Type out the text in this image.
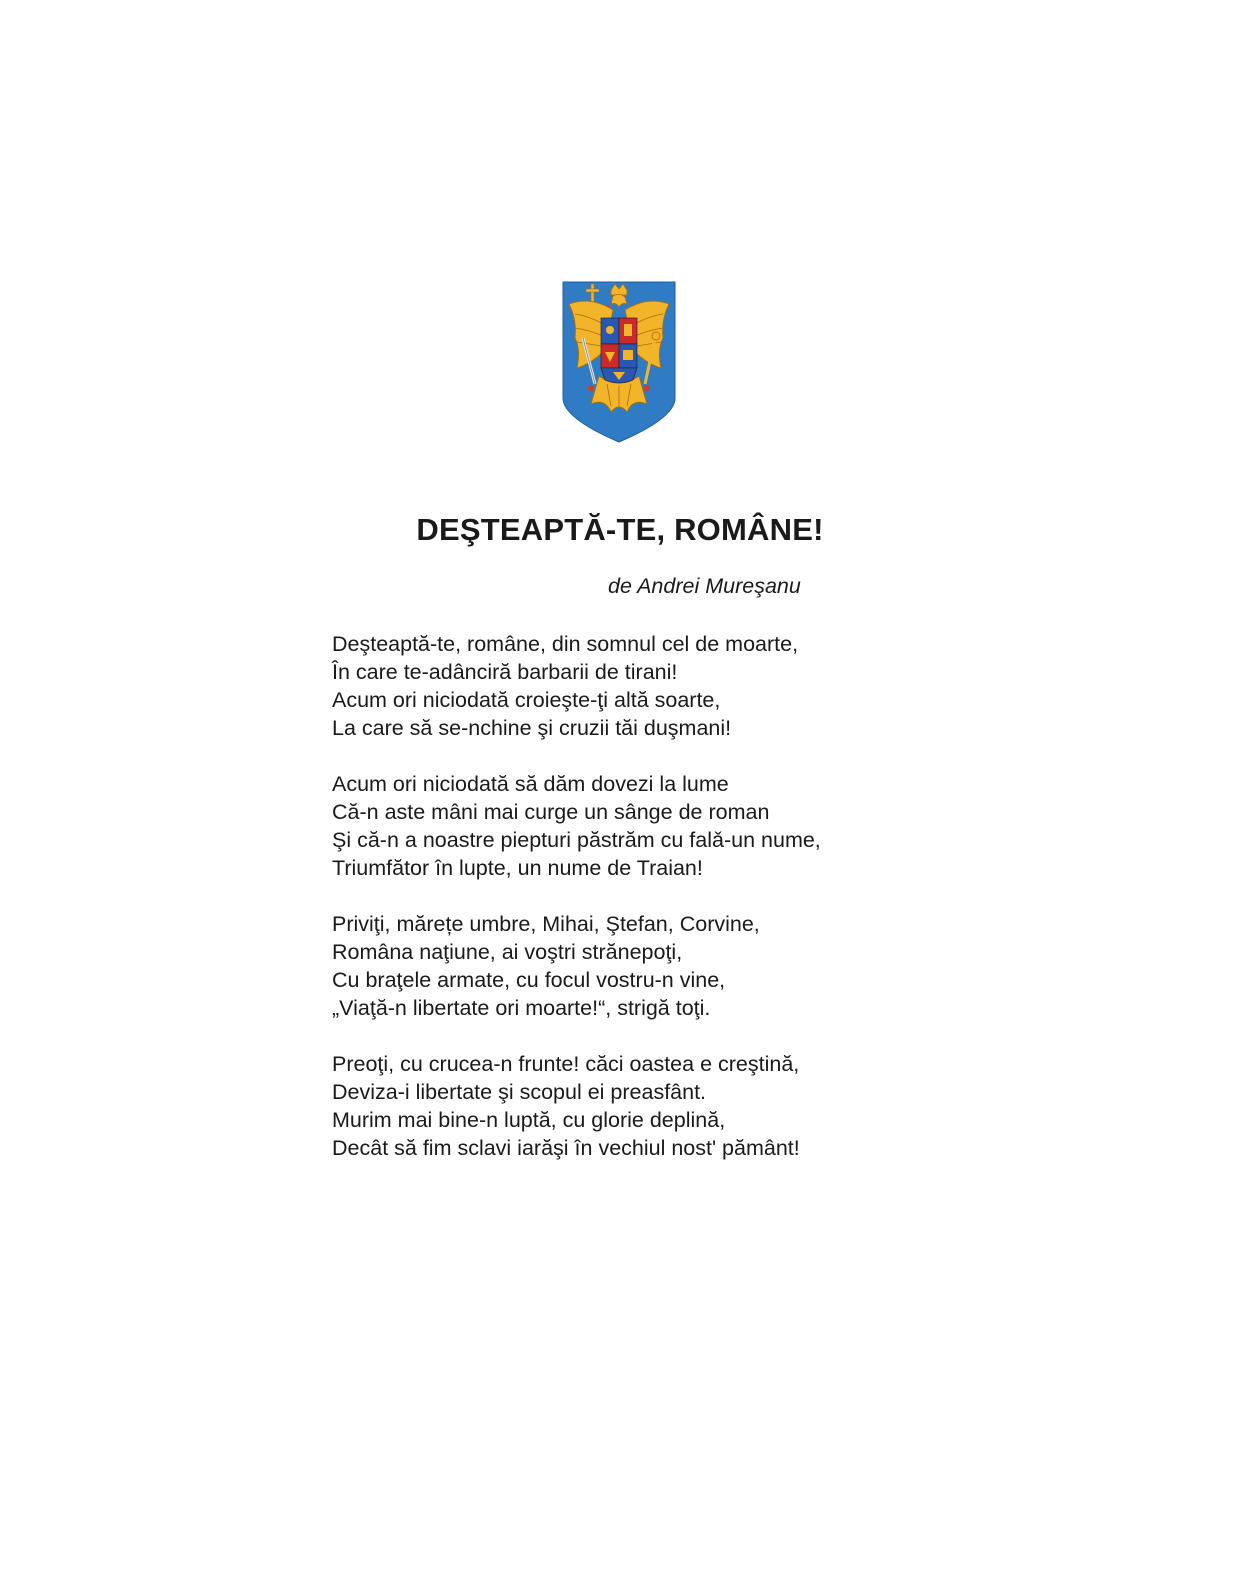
DEŞTEAPTĂ-TE, ROMÂNE!
de Andrei Mureşanu
Deşteaptă-te, române, din somnul cel de moarte,
În care te-adânciră barbarii de tirani!
Acum ori niciodată croieşte-ţi altă soarte,
La care să se-nchine şi cruzii tăi duşmani!
Acum ori niciodată să dăm dovezi la lume
Că-n aste mâni mai curge un sânge de roman
Şi că-n a noastre piepturi păstrăm cu falǎ-un nume,
Triumfător în lupte, un nume de Traian!
Priviţi, mărețe umbre, Mihai, Ştefan, Corvine,
Româna naţiune, ai voştri strănepoţi,
Cu braţele armate, cu focul vostru-n vine,
„Viaţă-n libertate ori moarte!“, strigă toţi.
Preoţi, cu crucea-n frunte! căci oastea e creştină,
Deviza-i libertate şi scopul ei preasfânt.
Murim mai bine-n luptă, cu glorie deplină,
Decât să fim sclavi iarăşi în vechiul nost' pământ!
